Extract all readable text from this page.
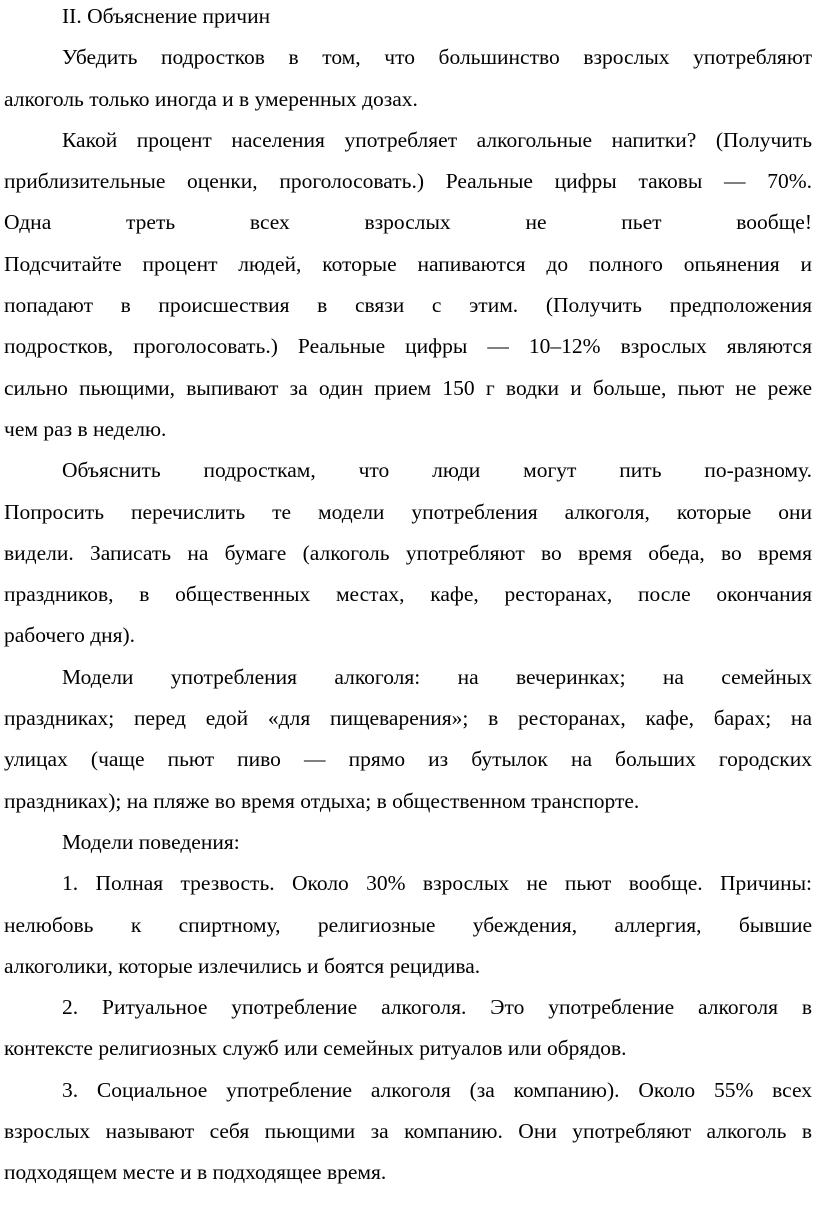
II. Объяснение причин
Убедить подростков в том, что большинство взрослых употребляют
алкоголь только иногда и в умеренных дозах.
Какой процент населения употребляет алкогольные напитки? (Получить
приблизительные оценки, проголосовать.) Реальные цифры таковы — 70%.
Одна треть всех взрослых не пьет вообще!
Подсчитайте процент людей, которые напиваются до полного опьянения и
попадают в происшествия в связи с этим. (Получить предположения
подростков, проголосовать.) Реальные цифры — 10–12% взрослых являются
сильно пьющими, выпивают за один прием 150 г водки и больше, пьют не реже
чем раз в неделю.
Объяснить подросткам, что люди могут пить по-разному.
Попросить перечислить те модели употребления алкоголя, которые они
видели. Записать на бумаге (алкоголь употребляют во время обеда, во время
праздников, в общественных местах, кафе, ресторанах, после окончания
рабочего дня).
Модели употребления алкоголя: на вечеринках; на семейных
праздниках; перед едой «для пищеварения»; в ресторанах, кафе, барах; на
улицах (чаще пьют пиво — прямо из бутылок на больших городских
праздниках); на пляже во время отдыха; в общественном транспорте.
Модели поведения:
1. Полная трезвость. Около 30% взрослых не пьют вообще. Причины:
нелюбовь к спиртному, религиозные убеждения, аллергия, бывшие
алкоголики, которые излечились и боятся рецидива.
2. Ритуальное употребление алкоголя. Это употребление алкоголя в
контексте религиозных служб или семейных ритуалов или обрядов.
3. Социальное употребление алкоголя (за компанию). Около 55% всех
взрослых называют себя пьющими за компанию. Они употребляют алкоголь в
подходящем месте и в подходящее время.
